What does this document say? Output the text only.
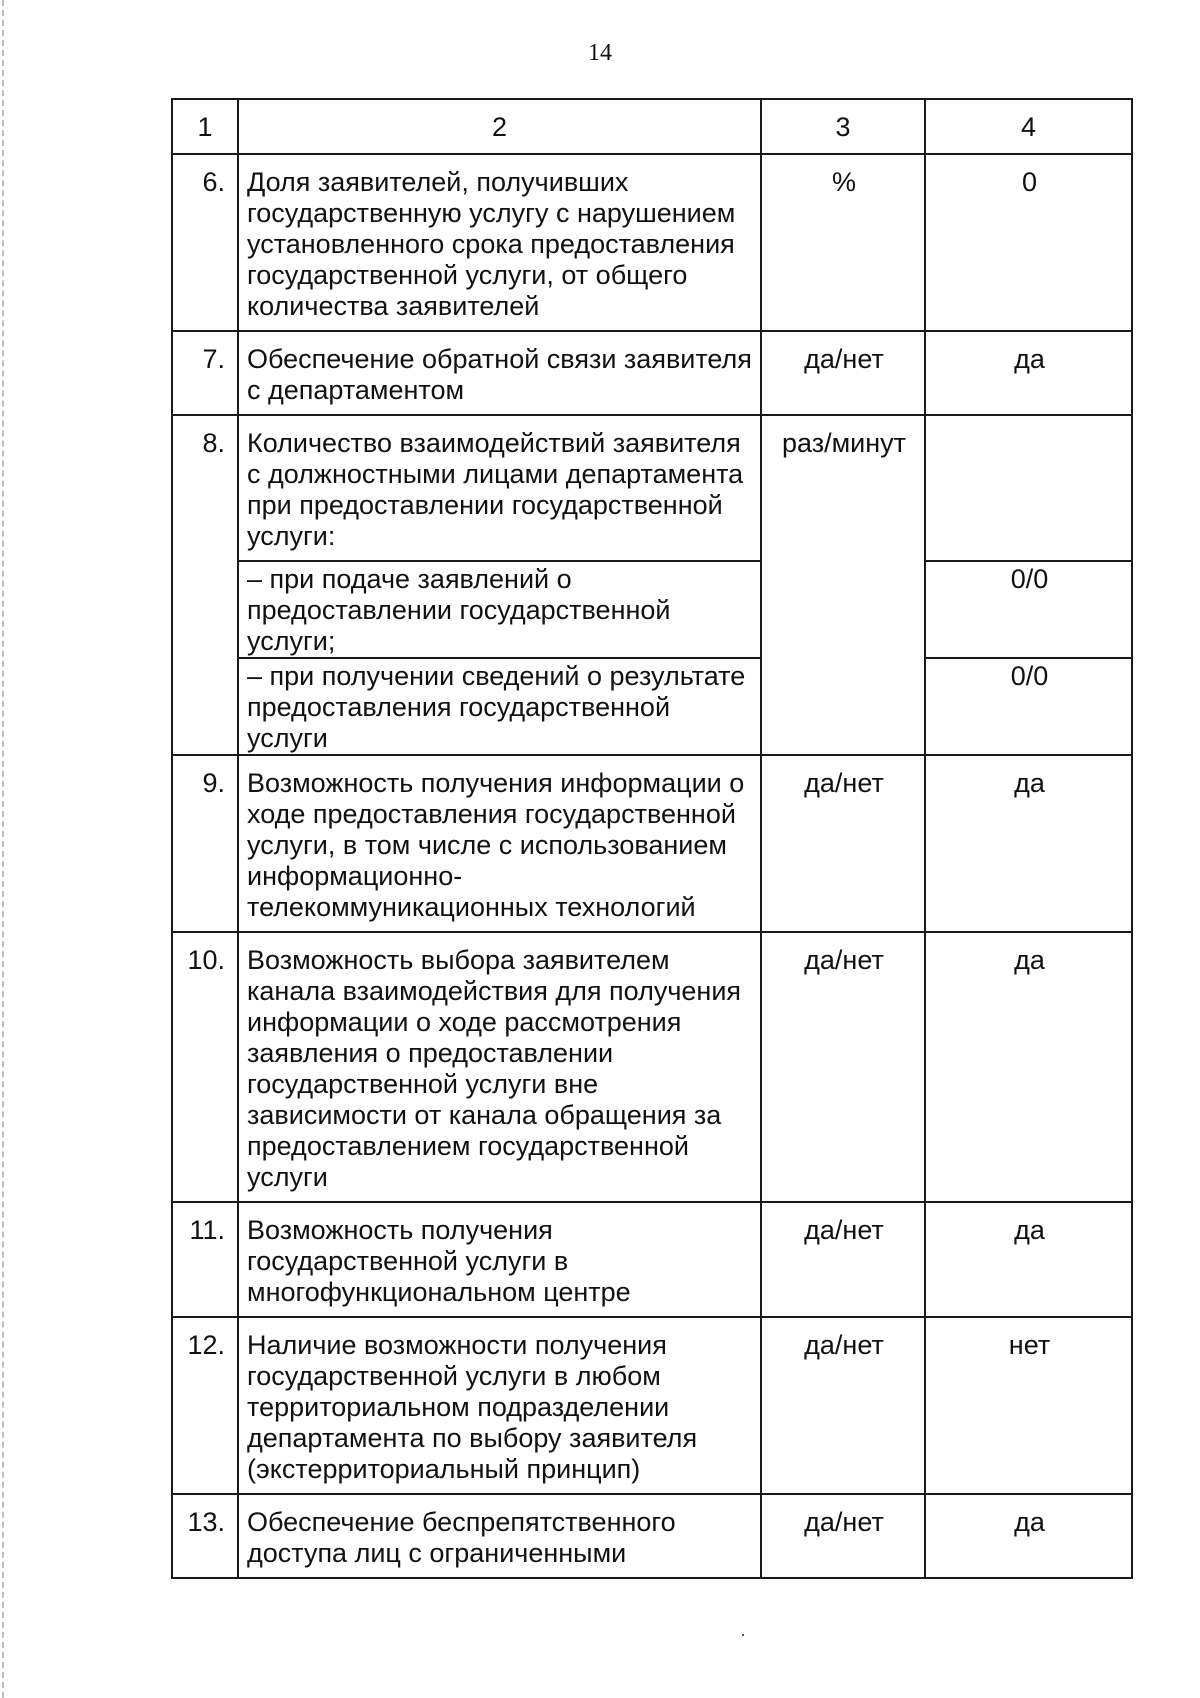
14
1	2	3	4
6.	Доля заявителей, получивших государственную услугу с нарушением установленного срока предоставления государственной услуги, от общего количества заявителей	%	0
7.	Обеспечение обратной связи заявителя с департаментом	да/нет	да
8.	Количество взаимодействий заявителя с должностными лицами департамента при предоставлении государственной услуги:	раз/минут	
	– при подаче заявлений о предоставлении государственной услуги;		0/0
	– при получении сведений о результате предоставления государственной услуги		0/0
9.	Возможность получения информации о ходе предоставления государственной услуги, в том числе с использованием информационно-телекоммуникационных технологий	да/нет	да
10.	Возможность выбора заявителем канала взаимодействия для получения информации о ходе рассмотрения заявления о предоставлении государственной услуги вне зависимости от канала обращения за предоставлением государственной услуги	да/нет	да
11.	Возможность получения государственной услуги в многофункциональном центре	да/нет	да
12.	Наличие возможности получения государственной услуги в любом территориальном подразделении департамента по выбору заявителя (экстерриториальный принцип)	да/нет	нет
13.	Обеспечение беспрепятственного доступа лиц с ограниченными	да/нет	да
